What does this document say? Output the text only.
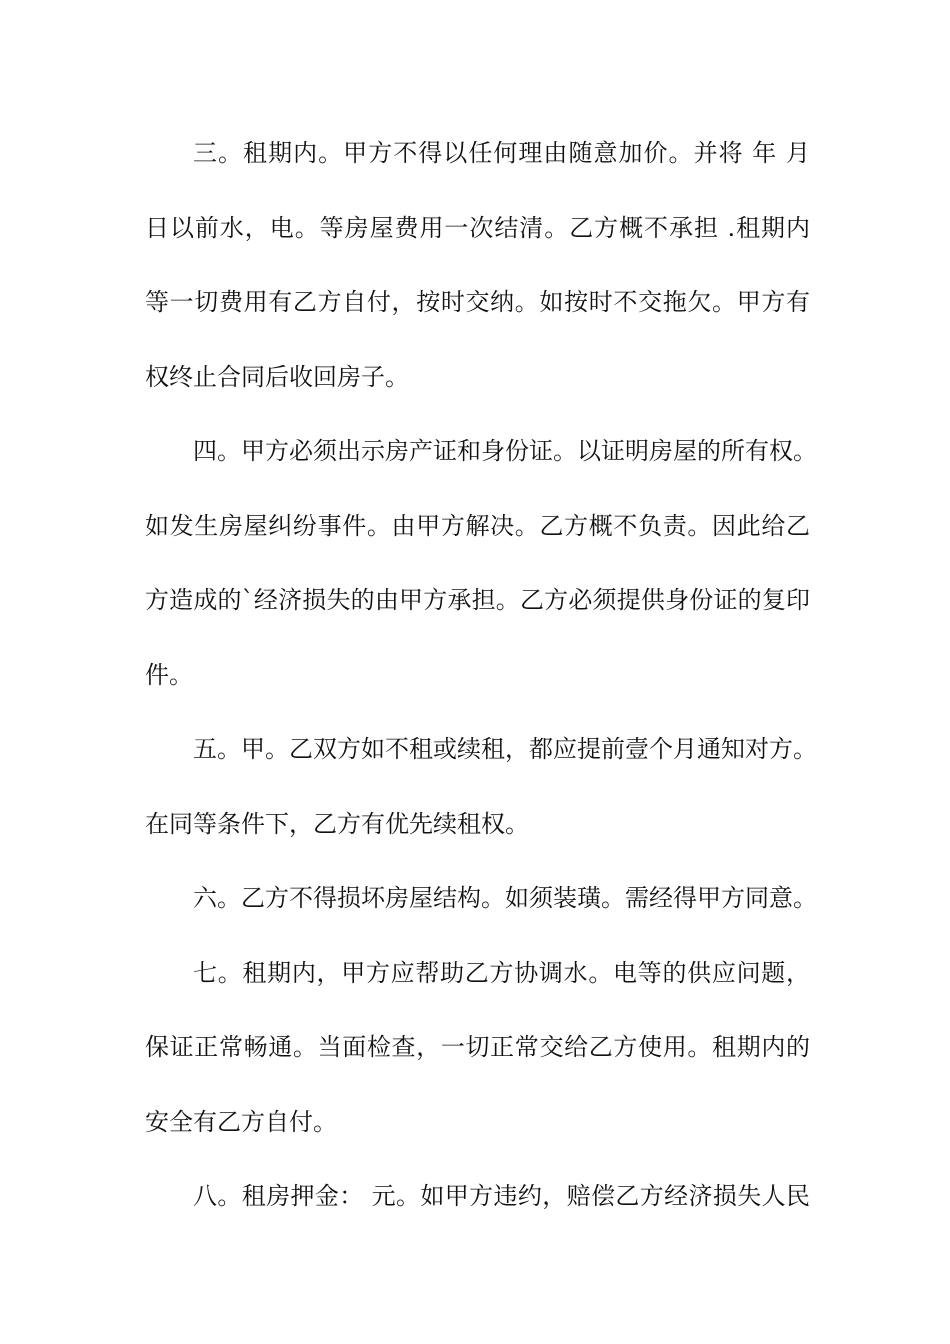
三。租期内。甲方不得以任何理由随意加价。并将 年 月
日以前水，电。等房屋费用一次结清。乙方概不承担 .租期内
等一切费用有乙方自付，按时交纳。如按时不交拖欠。甲方有
权终止合同后收回房子。
四。甲方必须出示房产证和身份证。以证明房屋的所有权。
如发生房屋纠纷事件。由甲方解决。乙方概不负责。因此给乙
方造成的`经济损失的由甲方承担。乙方必须提供身份证的复印
件。
五。甲。乙双方如不租或续租，都应提前壹个月通知对方。
在同等条件下，乙方有优先续租权。
六。乙方不得损坏房屋结构。如须装璜。需经得甲方同意。
七。租期内，甲方应帮助乙方协调水。电等的供应问题，
保证正常畅通。当面检查，一切正常交给乙方使用。租期内的
安全有乙方自付。
八。租房押金： 元。如甲方违约，赔偿乙方经济损失人民
